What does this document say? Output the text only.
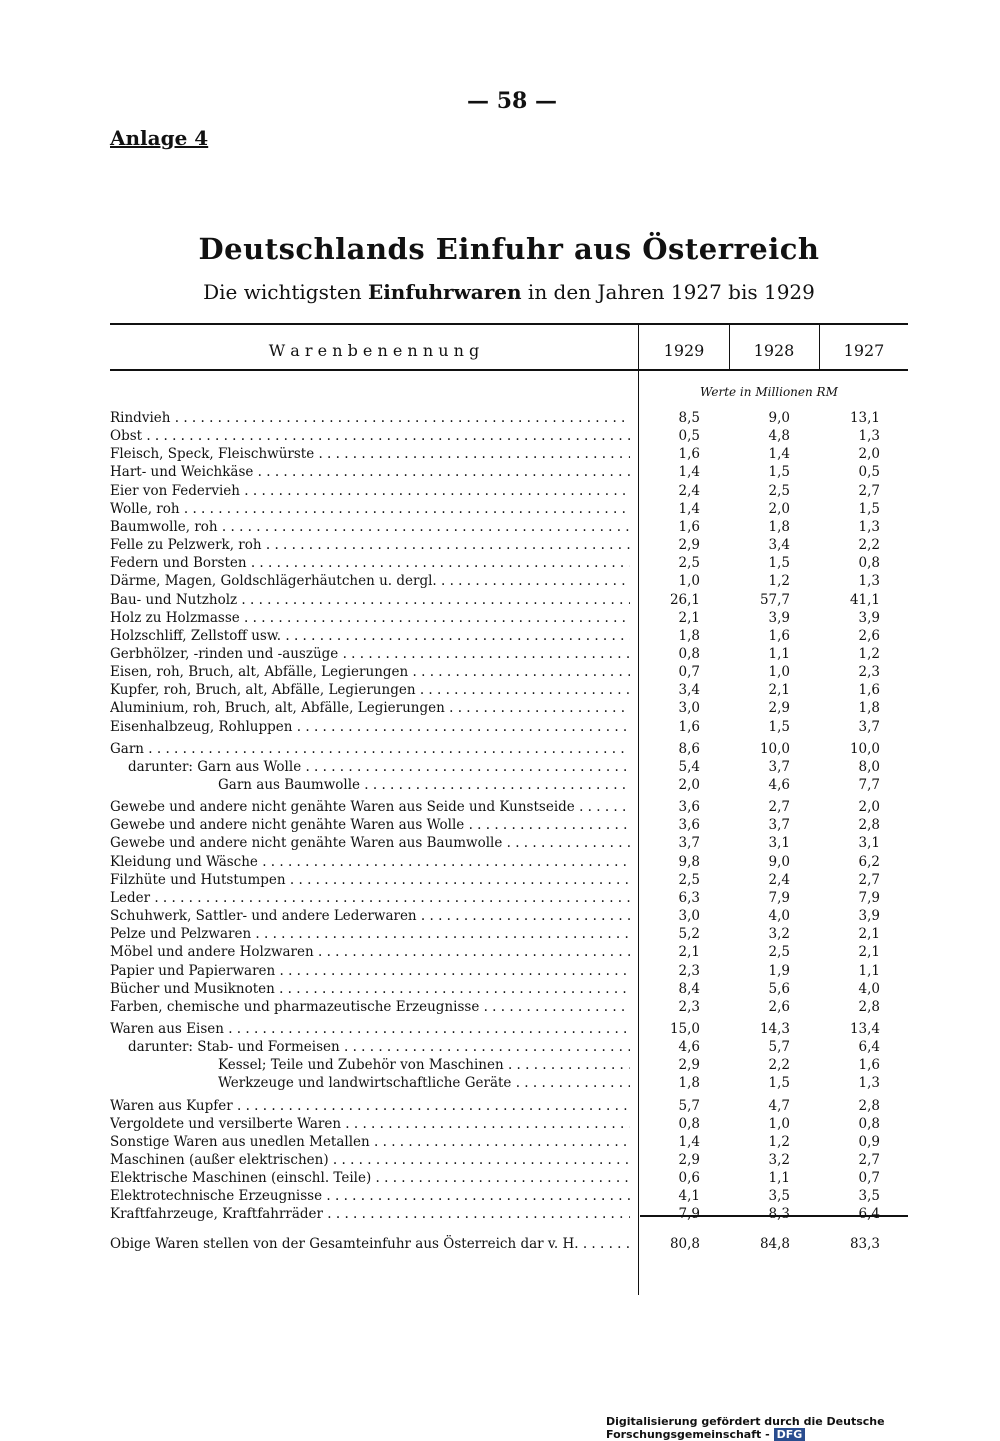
— 58 —
Anlage 4
Deutschlands Einfuhr aus Österreich
Die wichtigsten Einfuhrwaren in den Jahren 1927 bis 1929
W a r e n b e n e n n u n g	1929	1928	1927
Werte in Millionen RM
Rindvieh . . .	8,5	9,0	13,1
Obst . . .	0,5	4,8	1,3
Fleisch, Speck, Fleischwürste . . .	1,6	1,4	2,0
Hart- und Weichkäse . . .	1,4	1,5	0,5
Eier von Federvieh . . .	2,4	2,5	2,7
Wolle, roh . . .	1,4	2,0	1,5
Baumwolle, roh . . .	1,6	1,8	1,3
Felle zu Pelzwerk, roh . . .	2,9	3,4	2,2
Federn und Borsten . . .	2,5	1,5	0,8
Därme, Magen, Goldschlägerhäutchen u. dergl. . . .	1,0	1,2	1,3
Bau- und Nutzholz . . .	26,1	57,7	41,1
Holz zu Holzmasse . . .	2,1	3,9	3,9
Holzschliff, Zellstoff usw. . . .	1,8	1,6	2,6
Gerbhölzer, -rinden und -auszüge . . .	0,8	1,1	1,2
Eisen, roh, Bruch, alt, Abfälle, Legierungen . . .	0,7	1,0	2,3
Kupfer, roh, Bruch, alt, Abfälle, Legierungen . . .	3,4	2,1	1,6
Aluminium, roh, Bruch, alt, Abfälle, Legierungen . . .	3,0	2,9	1,8
Eisenhalbzeug, Rohluppen . . .	1,6	1,5	3,7
Garn . . .	8,6	10,0	10,0
darunter: Garn aus Wolle . . .	5,4	3,7	8,0
Garn aus Baumwolle . . .	2,0	4,6	7,7
Gewebe und andere nicht genähte Waren aus Seide und Kunstseide . . .	3,6	2,7	2,0
Gewebe und andere nicht genähte Waren aus Wolle . . .	3,6	3,7	2,8
Gewebe und andere nicht genähte Waren aus Baumwolle . . .	3,7	3,1	3,1
Kleidung und Wäsche . . .	9,8	9,0	6,2
Filzhüte und Hutstumpen . . .	2,5	2,4	2,7
Leder . . .	6,3	7,9	7,9
Schuhwerk, Sattler- und andere Lederwaren . . .	3,0	4,0	3,9
Pelze und Pelzwaren . . .	5,2	3,2	2,1
Möbel und andere Holzwaren . . .	2,1	2,5	2,1
Papier und Papierwaren . . .	2,3	1,9	1,1
Bücher und Musiknoten . . .	8,4	5,6	4,0
Farben, chemische und pharmazeutische Erzeugnisse . . .	2,3	2,6	2,8
Waren aus Eisen . . .	15,0	14,3	13,4
darunter: Stab- und Formeisen . . .	4,6	5,7	6,4
Kessel; Teile und Zubehör von Maschinen . . .	2,9	2,2	1,6
Werkzeuge und landwirtschaftliche Geräte . . .	1,8	1,5	1,3
Waren aus Kupfer . . .	5,7	4,7	2,8
Vergoldete und versilberte Waren . . .	0,8	1,0	0,8
Sonstige Waren aus unedlen Metallen . . .	1,4	1,2	0,9
Maschinen (außer elektrischen) . . .	2,9	3,2	2,7
Elektrische Maschinen (einschl. Teile) . . .	0,6	1,1	0,7
Elektrotechnische Erzeugnisse . . .	4,1	3,5	3,5
Kraftfahrzeuge, Kraftfahrräder . . .	7,9	8,3	6,4
Obige Waren stellen von der Gesamteinfuhr aus Österreich dar v. H. . . .	80,8	84,8	83,3
Digitalisierung gefördert durch die Deutsche Forschungsgemeinschaft - DFG
